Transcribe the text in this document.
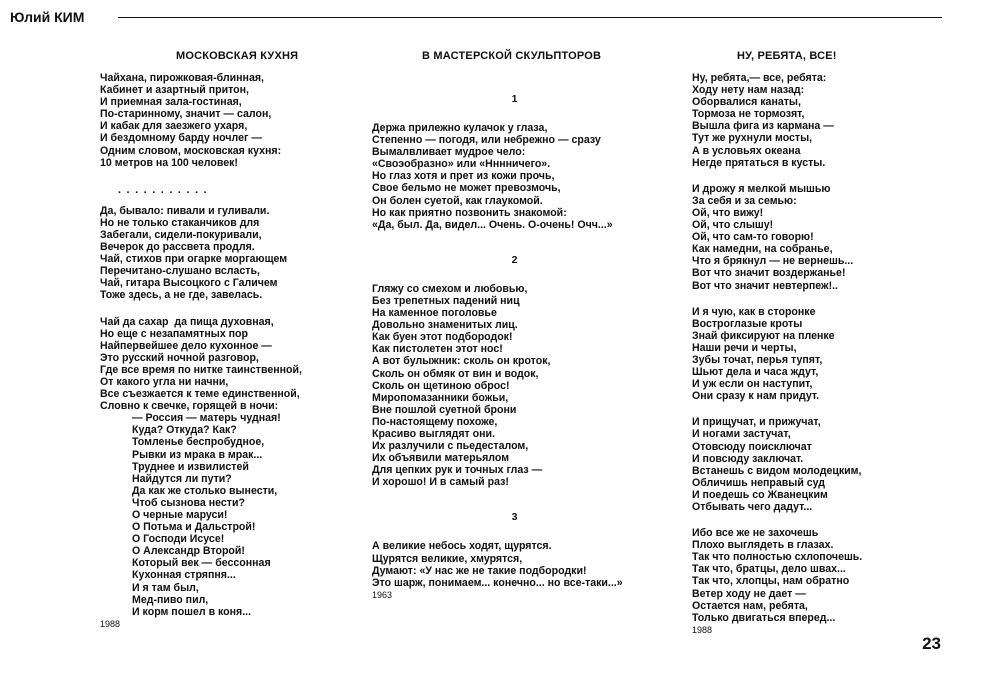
Юлий КИМ
МОСКОВСКАЯ КУХНЯ
Чайхана, пирожковая-блинная,
Кабинет и азартный притон,
И приемная зала-гостиная,
По-старинному, значит — салон,
И кабак для заезжего ухаря,
И бездомному барду ночлег —
Одним словом, московская кухня:
10 метров на 100 человек!
...........
Да, бывало: пивали и гуливали.
Но не только стаканчиков для
Забегали, сидели-покуривали,
Вечерок до рассвета продля.
Чай, стихов при огарке моргающем
Перечитано-слушано всласть,
Чай, гитара Высоцкого с Галичем
Тоже здесь, а не где, завелась.
Чай да сахар  да пища духовная,
Но еще с незапамятных пор
Найпервейшее дело кухонное —
Это русский ночной разговор,
Где все время по нитке таинственной,
От какого угла ни начни,
Все съезжается к теме единственной,
Словно к свечке, горящей в ночи:
— Россия — матерь чудная!
Куда? Откуда? Как?
Томленье беспробудное,
Рывки из мрака в мрак...
Труднее и извилистей
Найдутся ли пути?
Да как же столько вынести,
Чтоб сызнова нести?
О черные маруси!
О Потьма и Дальстрой!
О Господи Исусе!
О Александр Второй!
Который век — бессонная
Кухонная стряпня...
И я там был,
Мед-пиво пил,
И корм пошел в коня...
1988
В МАСТЕРСКОЙ СКУЛЬПТОРОВ
1
Держа прилежно кулачок у глаза,
Степенно — погодя, или небрежно — сразу
Вымалвливает мудрое чело:
«Своэобразно» или «Нннничего».
Но глаз хотя и прет из кожи прочь,
Свое бельмо не может превозмочь,
Он болен суетой, как глаукомой.
Но как приятно позвонить знакомой:
«Да, был. Да, видел... Очень. О-очень! Очч...»
2
Гляжу со смехом и любовью,
Без трепетных падений ниц
На каменное поголовье
Довольно знаменитых лиц.
Как буен этот подбородок!
Как пистолетен этот нос!
А вот булыжник: сколь он кроток,
Сколь он обмяк от вин и водок,
Сколь он щетиною оброс!
Миропомазанники божьи,
Вне пошлой суетной брони
По-настоящему похоже,
Красиво выглядят они.
Их разлучили с пьедесталом,
Их объявили матерьялом
Для цепких рук и точных глаз —
И хорошо! И в самый раз!
3
А великие небось ходят, щурятся.
Щурятся великие, хмурятся,
Думают: «У нас же не такие подбородки!
Это шарж, понимаем... конечно... но все-таки...»
1963
НУ, РЕБЯТА, ВСЕ!
Ну, ребята,— все, ребята:
Ходу нету нам назад:
Оборвалися канаты,
Тормоза не тормозят,
Вышла фига из кармана —
Тут же рухнули мосты,
А в условьях океана
Негде прятаться в кусты.
И дрожу я мелкой мышью
За себя и за семью:
Ой, что вижу!
Ой, что слышу!
Ой, что сам-то говорю!
Как намедни, на собранье,
Что я брякнул — не вернешь...
Вот что значит воздержанье!
Вот что значит невтерпеж!..
И я чую, как в сторонке
Востроглазые кроты
Знай фиксируют на пленке
Наши речи и черты,
Зубы точат, перья тупят,
Шьют дела и часа ждут,
И уж если он наступит,
Они сразу к нам придут.
И прищучат, и прижучат,
И ногами застучат,
Отовсюду поисключат
И повсюду заключат.
Встанешь с видом молодецким,
Обличишь неправый суд
И поедешь со Жванецким
Отбывать чего дадут...
Ибо все же не захочешь
Плохо выглядеть в глазах.
Так что полностью схлопочешь.
Так что, братцы, дело швах...
Так что, хлопцы, нам обратно
Ветер ходу не дает —
Остается нам, ребята,
Только двигаться вперед...
1988
23
